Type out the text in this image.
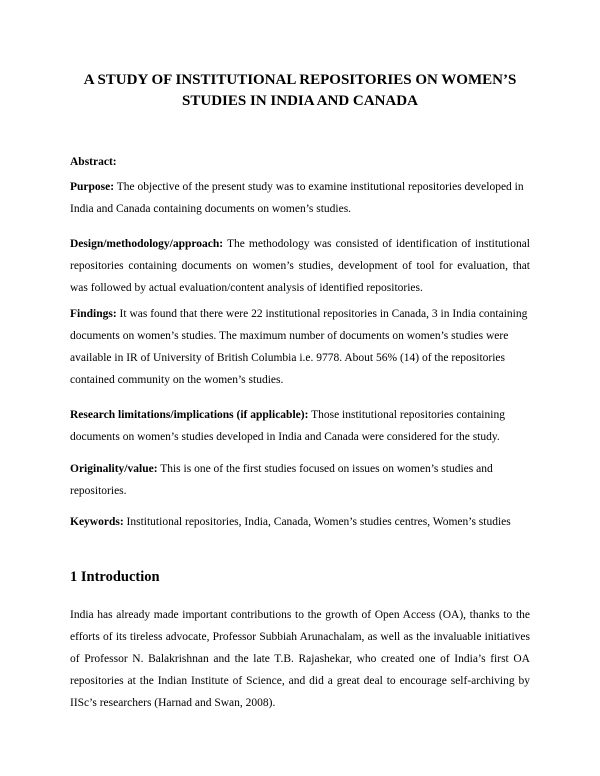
A STUDY OF INSTITUTIONAL REPOSITORIES ON WOMEN’S
STUDIES IN INDIA AND CANADA

Abstract:

Purpose: The objective of the present study was to examine institutional repositories developed in India and Canada containing documents on women’s studies.

Design/methodology/approach: The methodology was consisted of identification of institutional repositories containing documents on women’s studies, development of tool for evaluation, that was followed by actual evaluation/content analysis of identified repositories.

Findings: It was found that there were 22 institutional repositories in Canada, 3 in India containing documents on women’s studies. The maximum number of documents on women’s studies were available in IR of University of British Columbia i.e. 9778. About 56% (14) of the repositories contained community on the women’s studies.

Research limitations/implications (if applicable): Those institutional repositories containing documents on women’s studies developed in India and Canada were considered for the study.

Originality/value: This is one of the first studies focused on issues on women’s studies and repositories.

Keywords: Institutional repositories, India, Canada, Women’s studies centres, Women’s studies

1 Introduction

India has already made important contributions to the growth of Open Access (OA), thanks to the efforts of its tireless advocate, Professor Subbiah Arunachalam, as well as the invaluable initiatives of Professor N. Balakrishnan and the late T.B. Rajashekar, who created one of India’s first OA repositories at the Indian Institute of Science, and did a great deal to encourage self-archiving by IISc’s researchers (Harnad and Swan, 2008).
